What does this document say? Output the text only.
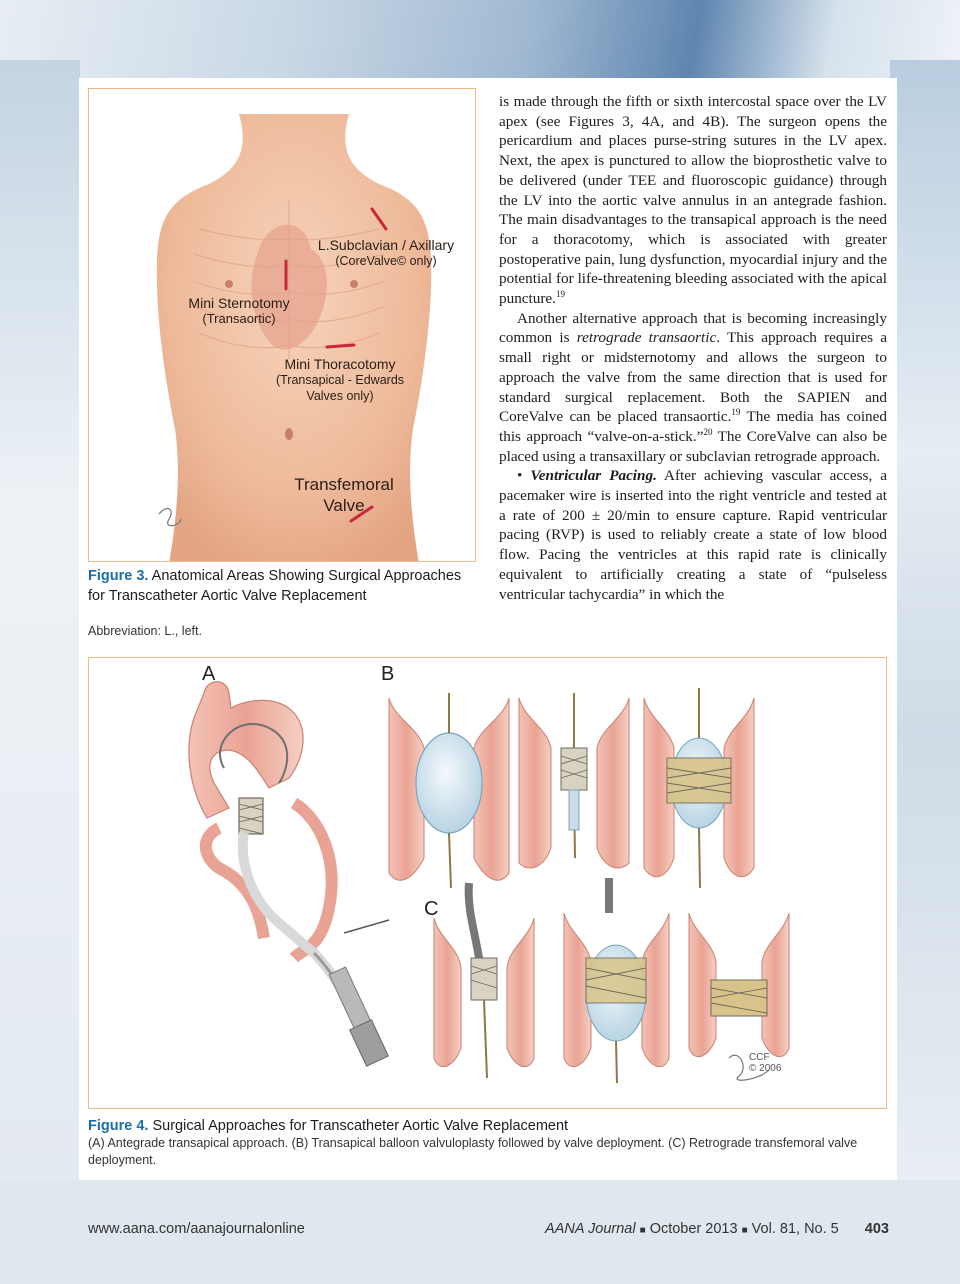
L.Subclavian / Axillary
(CoreValve© only)
Mini Sternotomy
(Transaortic)
Mini Thoracotomy
(Transapical - Edwards
Valves only)
Transfemoral
Valve
Figure 3. Anatomical Areas Showing Surgical Approaches for Transcatheter Aortic Valve Replacement
Abbreviation: L., left.

is made through the fifth or sixth intercostal space over the LV apex (see Figures 3, 4A, and 4B). The surgeon opens the pericardium and places purse-string sutures in the LV apex. Next, the apex is punctured to allow the bioprosthetic valve to be delivered (under TEE and fluoroscopic guidance) through the LV into the aortic valve annulus in an antegrade fashion. The main disadvantages to the transapical approach is the need for a thoracotomy, which is associated with greater postoperative pain, lung dysfunction, myocardial injury and the potential for life-threatening bleeding associated with the apical puncture.$^{19}$

Another alternative approach that is becoming increasingly common is retrograde transaortic. This approach requires a small right or midsternotomy and allows the surgeon to approach the valve from the same direction that is used for standard surgical replacement. Both the SAPIEN and CoreValve can be placed transaortic.$^{19}$ The media has coined this approach “valve-on-a-stick.”$^{20}$ The CoreValve can also be placed using a transaxillary or subclavian retrograde approach.

• Ventricular Pacing. After achieving vascular access, a pacemaker wire is inserted into the right ventricle and tested at a rate of 200 ± 20/min to ensure capture. Rapid ventricular pacing (RVP) is used to reliably create a state of low blood flow. Pacing the ventricles at this rapid rate is clinically equivalent to artificially creating a state of “pulseless ventricular tachycardia” in which the

A	B
C
CCF
© 2006
Figure 4. Surgical Approaches for Transcatheter Aortic Valve Replacement
(A) Antegrade transapical approach. (B) Transapical balloon valvuloplasty followed by valve deployment. (C) Retrograde transfemoral valve deployment.
www.aana.com/aanajournalonline	AANA Journal ■ October 2013 ■ Vol. 81, No. 5 403
